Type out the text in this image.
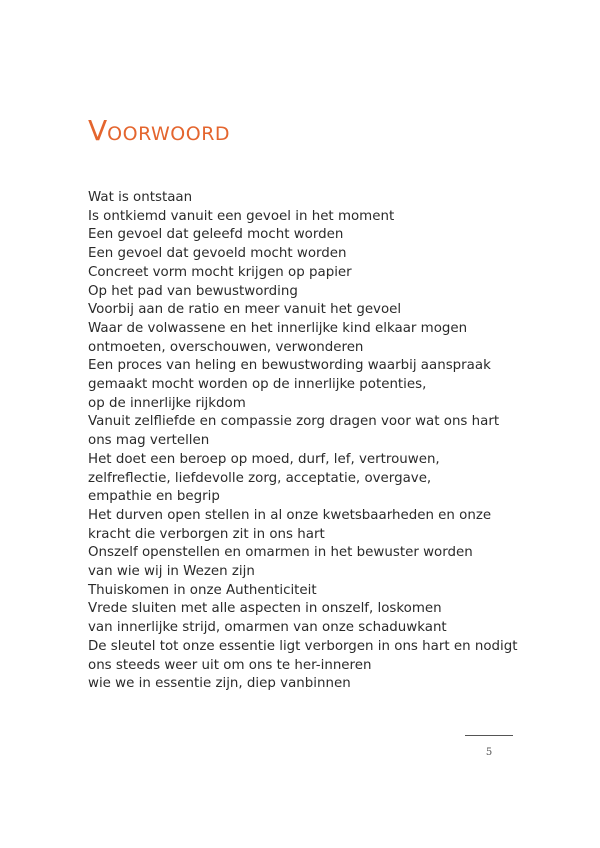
VOORWOORD
Wat is ontstaan
Is ontkiemd vanuit een gevoel in het moment
Een gevoel dat geleefd mocht worden
Een gevoel dat gevoeld mocht worden
Concreet vorm mocht krijgen op papier
Op het pad van bewustwording
Voorbij aan de ratio en meer vanuit het gevoel
Waar de volwassene en het innerlijke kind elkaar mogen
ontmoeten, overschouwen, verwonderen
Een proces van heling en bewustwording waarbij aanspraak
gemaakt mocht worden op de innerlijke potenties,
op de innerlijke rijkdom
Vanuit zelfliefde en compassie zorg dragen voor wat ons hart
ons mag vertellen
Het doet een beroep op moed, durf, lef, vertrouwen,
zelfreflectie, liefdevolle zorg, acceptatie, overgave,
empathie en begrip
Het durven open stellen in al onze kwetsbaarheden en onze
kracht die verborgen zit in ons hart
Onszelf openstellen en omarmen in het bewuster worden
van wie wij in Wezen zijn
Thuiskomen in onze Authenticiteit
Vrede sluiten met alle aspecten in onszelf, loskomen
van innerlijke strijd, omarmen van onze schaduwkant
De sleutel tot onze essentie ligt verborgen in ons hart en nodigt
ons steeds weer uit om ons te her-inneren
wie we in essentie zijn, diep vanbinnen
5
